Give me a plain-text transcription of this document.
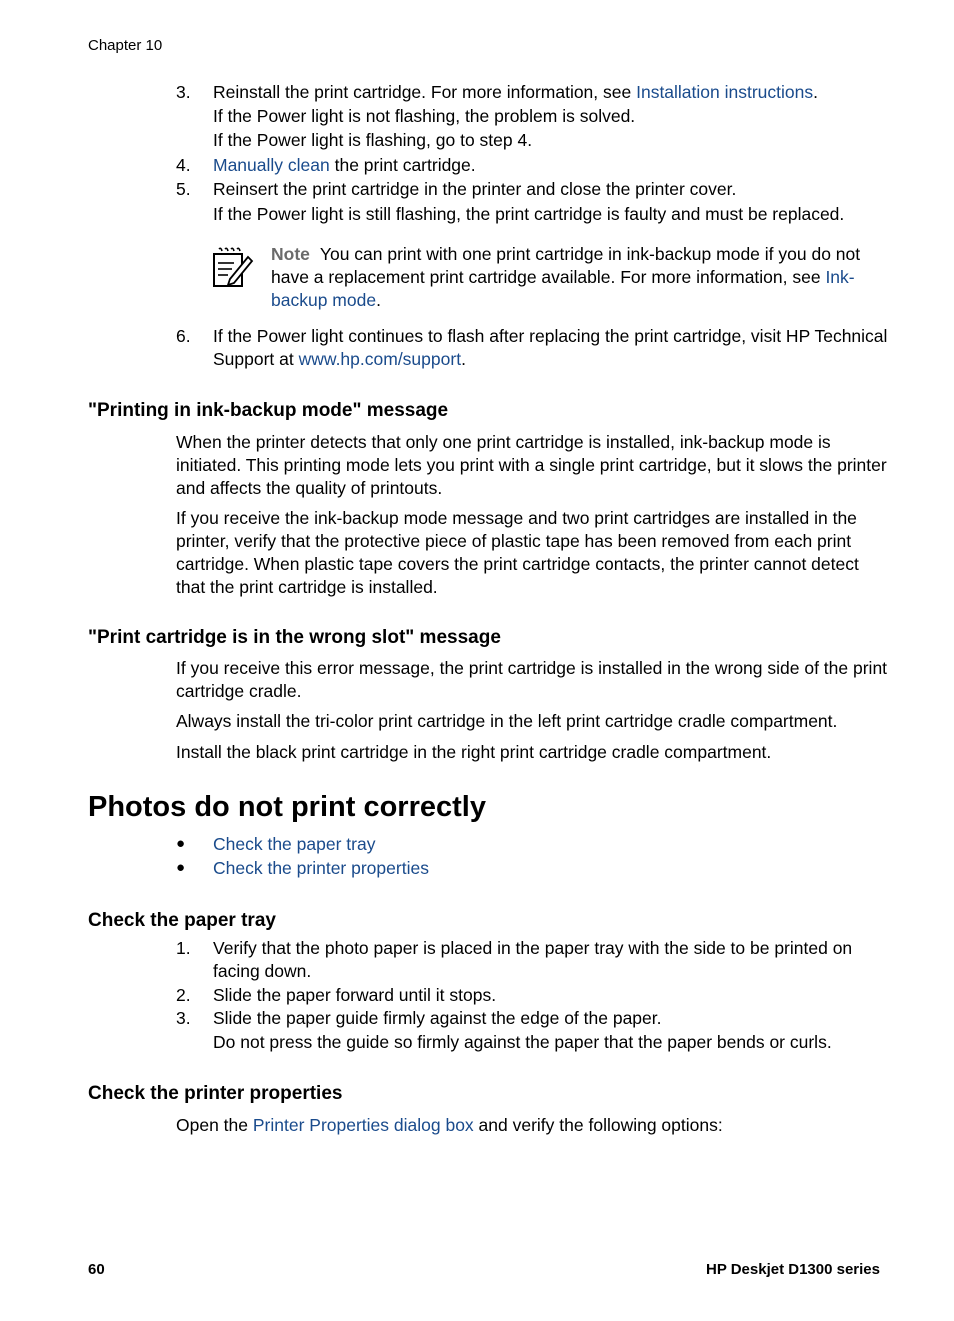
Chapter 10
3. Reinstall the print cartridge. For more information, see Installation instructions.
If the Power light is not flashing, the problem is solved.
If the Power light is flashing, go to step 4.
4. Manually clean the print cartridge.
5. Reinsert the print cartridge in the printer and close the printer cover.
If the Power light is still flashing, the print cartridge is faulty and must be replaced.
Note You can print with one print cartridge in ink-backup mode if you do not have a replacement print cartridge available. For more information, see Ink-backup mode.
6. If the Power light continues to flash after replacing the print cartridge, visit HP Technical Support at www.hp.com/support.
"Printing in ink-backup mode" message

When the printer detects that only one print cartridge is installed, ink-backup mode is initiated. This printing mode lets you print with a single print cartridge, but it slows the printer and affects the quality of printouts.

If you receive the ink-backup mode message and two print cartridges are installed in the printer, verify that the protective piece of plastic tape has been removed from each print cartridge. When plastic tape covers the print cartridge contacts, the printer cannot detect that the print cartridge is installed.

"Print cartridge is in the wrong slot" message

If you receive this error message, the print cartridge is installed in the wrong side of the print cartridge cradle.

Always install the tri-color print cartridge in the left print cartridge cradle compartment.

Install the black print cartridge in the right print cartridge cradle compartment.

Photos do not print correctly
● Check the paper tray
● Check the printer properties
Check the paper tray
1. Verify that the photo paper is placed in the paper tray with the side to be printed on facing down.
2. Slide the paper forward until it stops.
3. Slide the paper guide firmly against the edge of the paper.
Do not press the guide so firmly against the paper that the paper bends or curls.
Check the printer properties
Open the Printer Properties dialog box and verify the following options:
60	HP Deskjet D1300 series
